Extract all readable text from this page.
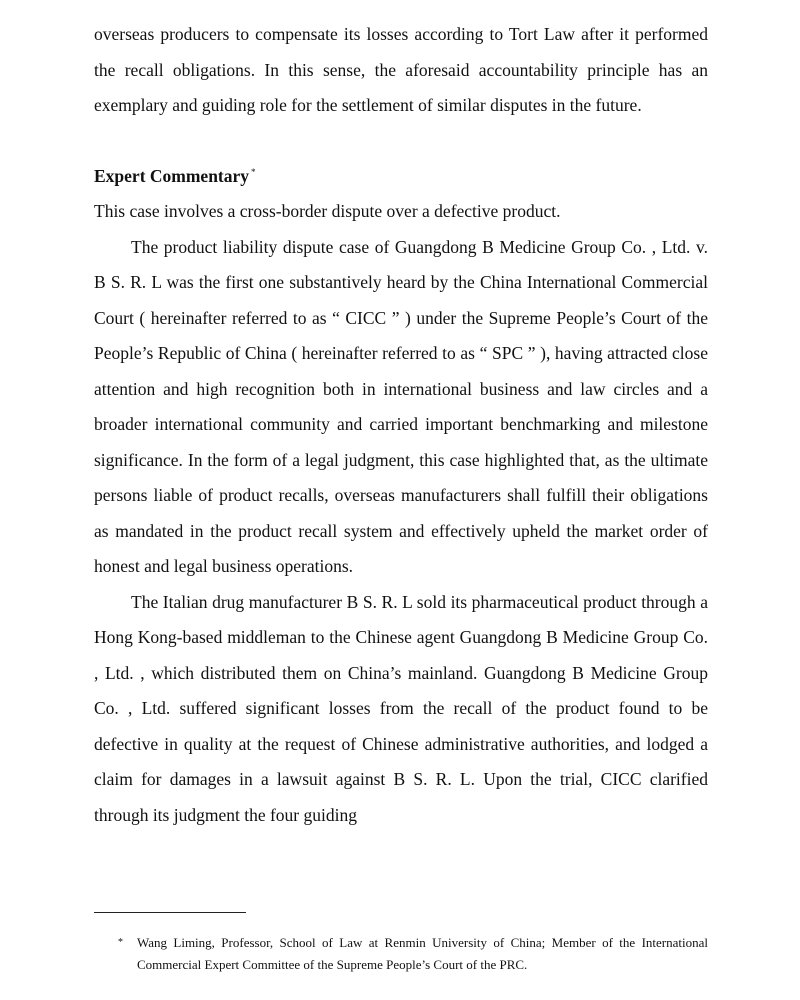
overseas producers to compensate its losses according to Tort Law after it performed the recall obligations. In this sense, the aforesaid accountability principle has an exemplary and guiding role for the settlement of similar disputes in the future.

Expert Commentary *

This case involves a cross-border dispute over a defective product.

The product liability dispute case of Guangdong B Medicine Group Co. , Ltd. v. B S. R. L was the first one substantively heard by the China International Commercial Court ( hereinafter referred to as “ CICC ” ) under the Supreme People’s Court of the People’s Republic of China ( hereinafter referred to as “ SPC ” ), having attracted close attention and high recognition both in international business and law circles and a broader international community and carried important benchmarking and milestone significance. In the form of a legal judgment, this case highlighted that, as the ultimate persons liable of product recalls, overseas manufacturers shall fulfill their obligations as mandated in the product recall system and effectively upheld the market order of honest and legal business operations.

The Italian drug manufacturer B S. R. L sold its pharmaceutical product through a Hong Kong-based middleman to the Chinese agent Guangdong B Medicine Group Co. , Ltd. , which distributed them on China’s mainland. Guangdong B Medicine Group Co. , Ltd. suffered significant losses from the recall of the product found to be defective in quality at the request of Chinese administrative authorities, and lodged a claim for damages in a lawsuit against B S. R. L. Upon the trial, CICC clarified through its judgment the four guiding

*	Wang Liming, Professor, School of Law at Renmin University of China; Member of the International Commercial Expert Committee of the Supreme People’s Court of the PRC.
